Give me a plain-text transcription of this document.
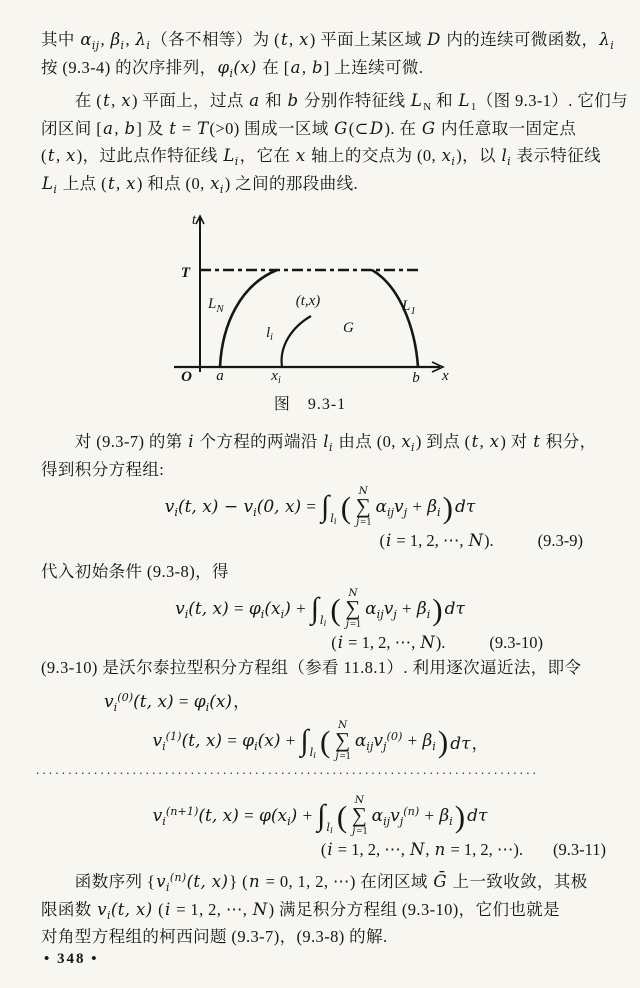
其中 $\alpha_{ij}$, $\beta_i$, $\lambda_i$（各不相等）为 (t, x) 平面上某区域 D 内的连续可微函数，$\lambda_i$
按 (9.3-4) 的次序排列，$\varphi_i(x)$ 在 [a, b] 上连续可微.
　　在 (t, x) 平面上，过点 a 和 b 分别作特征线 $L_N$ 和 $L_1$（图 9.3-1）. 它们与
闭区间 [a, b] 及 t = T(>0) 围成一区域 G(⊂D). 在 G 内任意取一固定点
(t, x)，过此点作特征线 $L_i$，它在 x 轴上的交点为 (0, $x_i$)，以 $l_i$ 表示特征线
$L_i$ 上点 (t, x) 和点 (0, $x_i$) 之间的那段曲线.
t
T
O a	$x_i$	b x
$L_N$	$L_1$
$l_i$
(t,x)
G
图　9.3-1
　　对 (9.3-7) 的第 i 个方程的两端沿 $l_i$ 由点 (0, $x_i$) 到点 (t, x) 对 t 积分，
得到积分方程组:
$v_i(t$, $x) - v_i(0$, $x) = \int_{l_i}$ ( N
∑
j=1
$\alpha_{ij}v_j + \beta_i$ ) dτ
(i = 1, 2, ⋯, N).	(9.3-9)
代入初始条件 (9.3-8)，得
$v_i(t$, $x) = \varphi_i(x_i) + \int_{l_i}$ ( N
∑
j=1
$\alpha_{ij}v_j + \beta_i$ ) dτ
(i = 1, 2, ⋯, N).	(9.3-10)
(9.3-10) 是沃尔泰拉型积分方程组（参看 11.8.1）. 利用逐次逼近法，即令
$v_i^{(0)}(t$, $x) = \varphi_i(x)$，
$v_i^{(1)}(t$, $x) = \varphi_i(x) + \int_{l_i}$ ( N
∑
j=1
$\alpha_{ij}v_j^{(0)} + \beta_i$ ) dτ，
..............................................................................
$v_i^{(n+1)}(t$, $x) = \varphi(x_i) + \int_{l_i}$ ( N
∑
j=1
$\alpha_{ij}v_j^{(n)} + \beta_i$ ) dτ
(i = 1, 2, ⋯, N, n = 1, 2, ⋯). (9.3-11)
　　函数序列 {$v_i^{(n)}(t$, x)} (n = 0, 1, 2, ⋯) 在闭区域 Ḡ 上一致收敛，其极
限函数 $v_i(t$, x) (i = 1, 2, ⋯, N) 满足积分方程组 (9.3-10)，它们也就是
对角型方程组的柯西问题 (9.3-7)，(9.3-8) 的解.
• 348 •
